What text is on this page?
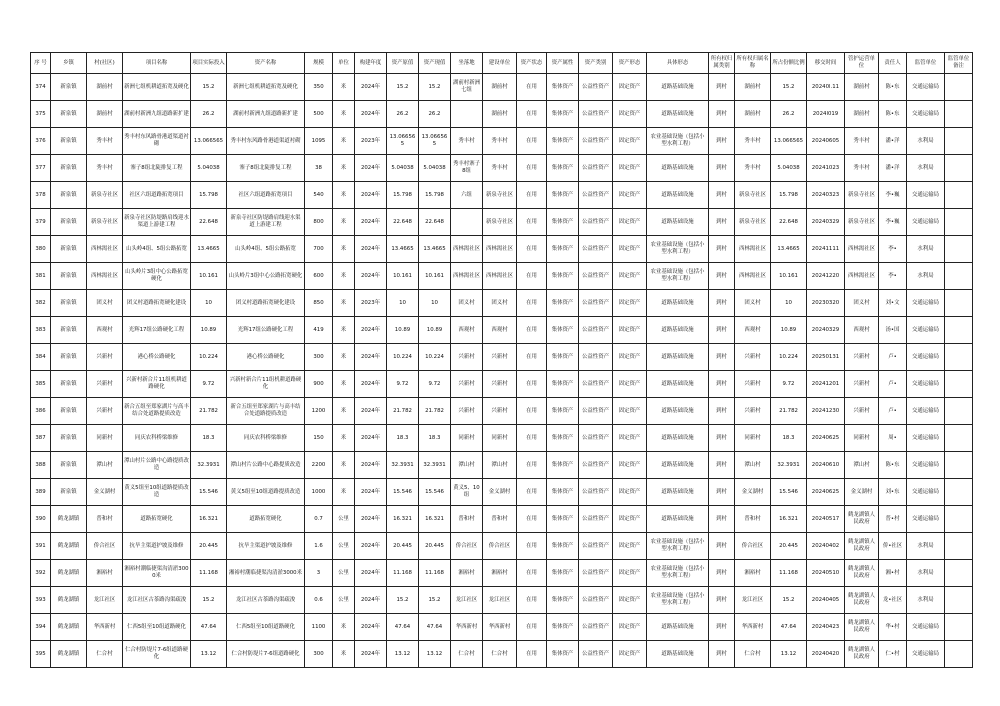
序 号	乡镇	村(社区)	项目名称	项目实际投入	资产名称	规模	单位	构建年度	资产原值	资产现值	坐落地	建设单位	资产状态	资产属性	资产类别	资产形态	具体形态	所有权归属类别	所有权归属名称	所占份额比例	移交时间	管护运营单位	责任人	监管单位	监管单位备注
374	新泉镇	湖前村	新洲七组机耕道拓宽及硬化	15.2	新洲七组机耕道拓宽及硬化	350	米	2024年	15.2	15.2	湖前村新洲七组	湖前村	在用	集体资产	公益性资产	固定资产	道路基础设施	到村	湖前村	15.2	20240l.11	湖前村	陈•东	交通运输局	
375	新泉镇	湖前村	湖前村新洲九组道路新扩建	26.2	湖前村新洲九组道路新扩建	500	米	2024年	26.2	26.2		湖前村	在用	集体资产	公益性资产	固定资产	道路基础设施	到村	湖前村	26.2	2024l019	湖前村	陈•东	交通运输局	
376	新泉镇	秀丰村	秀丰村东风路骨港道渠道衬砌	13.066565	秀丰村东风路骨港道渠道衬砌	1095	米	2023年	13.066565	13.066565	秀丰村	秀丰村	在用	集体资产	公益性资产	固定资产	农业基础设施（包括小型水利工程）	到村	秀丰村	13.066565	20240605	秀丰村	潘•洋	水利局	
377	新泉镇	秀丰村	寨子8组北陡排复工程	5.04038	寨子8组北陡排复工程	38	米	2024年	5.04038	5.04038	秀丰村寨子8组	秀丰村	在用	集体资产	公益性资产	固定资产	道路基础设施	到村	秀丰村	5.04038	20241023	秀丰村	潘•洋	水利局	
378	新泉镇	新泉寺社区	社区六组道路拓宽项目	15.798	社区六组道路拓宽项目	540	米	2024年	15.798	15.798	六组	新泉寺社区	在用	集体资产	公益性资产	固定资产	道路基础设施	到村	新泉寺社区	15.798	20240323	新泉寺社区	李•巍	交通运输局	
379	新泉镇	新泉寺社区	新泉寺社区防堤路肩线迎水渠道上游建工程	22.648	新泉寺社区防堤路肩线迎水渠道上游建工程	800	米	2024年	22.648	22.648		新泉寺社区	在用	集体资产	公益性资产	固定资产	道路基础设施	到村	新泉寺社区	22.648	20240329	新泉寺社区	李•巍	交通运输局	
380	新泉镇	西林渴社区	山头岭4组、5组公路拓宽	13.4665	山头岭4组、5组公路拓宽	700	米	2024年	13.4665	13.4665	西林渴社区	西林渴社区	在用	集体资产	公益性资产	固定资产	农业基础设施（包括小型水利工程）	到村	西林渴社区	13.4665	20241111	西林渴社区	李•	水利局	
381	新泉镇	西林渴社区	山头岭片3组中心公路拓宽硬化	10.161	山头岭片3组中心公路拓宽硬化	600	米	2024年	10.161	10.161	西林渴社区	西林渴社区	在用	集体资产	公益性资产	固定资产	农业基础设施（包括小型水利工程）	到村	西林渴社区	10.161	20241220	西林渴社区	李•	水利局	
382	新泉镇	团义村	团义村道路拓宽硬化建设	10	团义村道路拓宽硬化建设	850	米	2023年	10	10	团义村	团义村	在用	集体资产	公益性资产	固定资产	道路基础设施	到村	团义村	10	20230320	团义村	刘•文	交通运输局	
383	新泉镇	西观村	光辉17组公路硬化工程	10.89	光辉17组公路硬化工程	419	米	2024年	10.89	10.89	西观村	西观村	在用	集体资产	公益性资产	固定资产	道路基础设施	到村	西观村	10.89	20240329	西观村	汤•国	交通运输局	
384	新泉镇	兴新村	港心桥公路硬化	10.224	港心桥公路硬化	300	米	2024年	10.224	10.224	兴新村	兴新村	在用	集体资产	公益性资产	固定资产	道路基础设施	到村	兴新村	10.224	20250131	兴新村	卢•	交通运输局	
385	新泉镇	兴新村	兴新村新合片11组机耕道路硬化	9.72	兴新村新合片11组机耕道路硬化	900	米	2024年	9.72	9.72	兴新村	兴新村	在用	集体资产	公益性资产	固定资产	道路基础设施	到村	兴新村	9.72	20241201	兴新村	卢•	交通运输局	
386	新泉镇	兴新村	新合五组至郑家湖片与高丰结合处道路提质改造	21.782	新合五组至郑家湖片与高丰结合处道路提质改造	1200	米	2024年	21.782	21.782	兴新村	兴新村	在用	集体资产	公益性资产	固定资产	道路基础设施	到村	兴新村	21.782	20241230	兴新村	卢•	交通运输局	
387	新泉镇	同新村	同庆农科桥梁维修	18.3	同庆农科桥梁维修	150	米	2024年	18.3	18.3	同新村	同新村	在用	集体资产	公益性资产	固定资产	道路基础设施	到村	同新村	18.3	20240625	同新村	周•	交通运输局	
388	新泉镇	潭山村	潭山村片公路中心路提质改造	32.3931	潭山村片公路中心路提质改造	2200	米	2024年	32.3931	32.3931	潭山村	潭山村	在用	集体资产	公益性资产	固定资产	道路基础设施	到村	潭山村	32.3931	20240610	潭山村	陈•东	交通运输局	
389	新泉镇	金义湖村	黄义5组至10组道路提质改造	15.546	黄义5组至10组道路提质改造	1000	米	2024年	15.546	15.546	黄义5、10组	金义湖村	在用	集体资产	公益性资产	固定资产	道路基础设施	到村	金义湖村	15.546	20240625	金义湖村	刘•东	交通运输局	
390	鹤龙湖镇	普和村	道路拓宽硬化	16.321	道路拓宽硬化	0.7	公里	2024年	16.321	16.321	普和村	普和村	在用	集体资产	公益性资产	固定资产	道路基础设施	到村	普和村	16.321	20240517	鹤龙湖镇人民政府	普•村	交通运输局	
391	鹤龙湖镇	侨合社区	抗旱主渠道护坡及维修	20.445	抗旱主渠道护坡及维修	1.6	公里	2024年	20.445	20.445	侨合社区	侨合社区	在用	集体资产	公益性资产	固定资产	农业基础设施（包括小型水利工程）	到村	侨合社区	20.445	20240402	鹤龙湖镇人民政府	侨•社区	水利局	
392	鹤龙湖镇	湘裕村	湘裕村潮临捷渠沟清淤3000米	11.168	湘裕村潮临捷渠沟清淤3000米	3	公里	2024年	11.168	11.168	湘裕村	湘裕村	在用	集体资产	公益性资产	固定资产	农业基础设施（包括小型水利工程）	到村	湘裕村	11.168	20240510	鹤龙湖镇人民政府	湘•村	水利局	
393	鹤龙湖镇	龙江社区	龙江社区古茶路沟渠疏浚	15.2	龙江社区古茶路沟渠疏浚	0.6	公里	2024年	15.2	15.2	龙江社区	龙江社区	在用	集体资产	公益性资产	固定资产	农业基础设施（包括小型水利工程）	到村	龙江社区	15.2	20240405	鹤龙湖镇人民政府	龙•社区	水利局	
394	鹤龙湖镇	华西新村	仁西5组至10组道路硬化	47.64	仁西5组至10组道路硬化	1100	米	2024年	47.64	47.64	华西新村	华西新村	在用	集体资产	公益性资产	固定资产	道路基础设施	到村	华西新村	47.64	20240423	鹤龙湖镇人民政府	华•村	交通运输局	
395	鹤龙湖镇	仁合村	仁合村防堤片7-6组道路硬化	13.12	仁合村防堤片7-6组道路硬化	300	米	2024年	13.12	13.12	仁合村	仁合村	在用	集体资产	公益性资产	固定资产	道路基础设施	到村	仁合村	13.12	20240420	鹤龙湖镇人民政府	仁•村	交通运输局	
